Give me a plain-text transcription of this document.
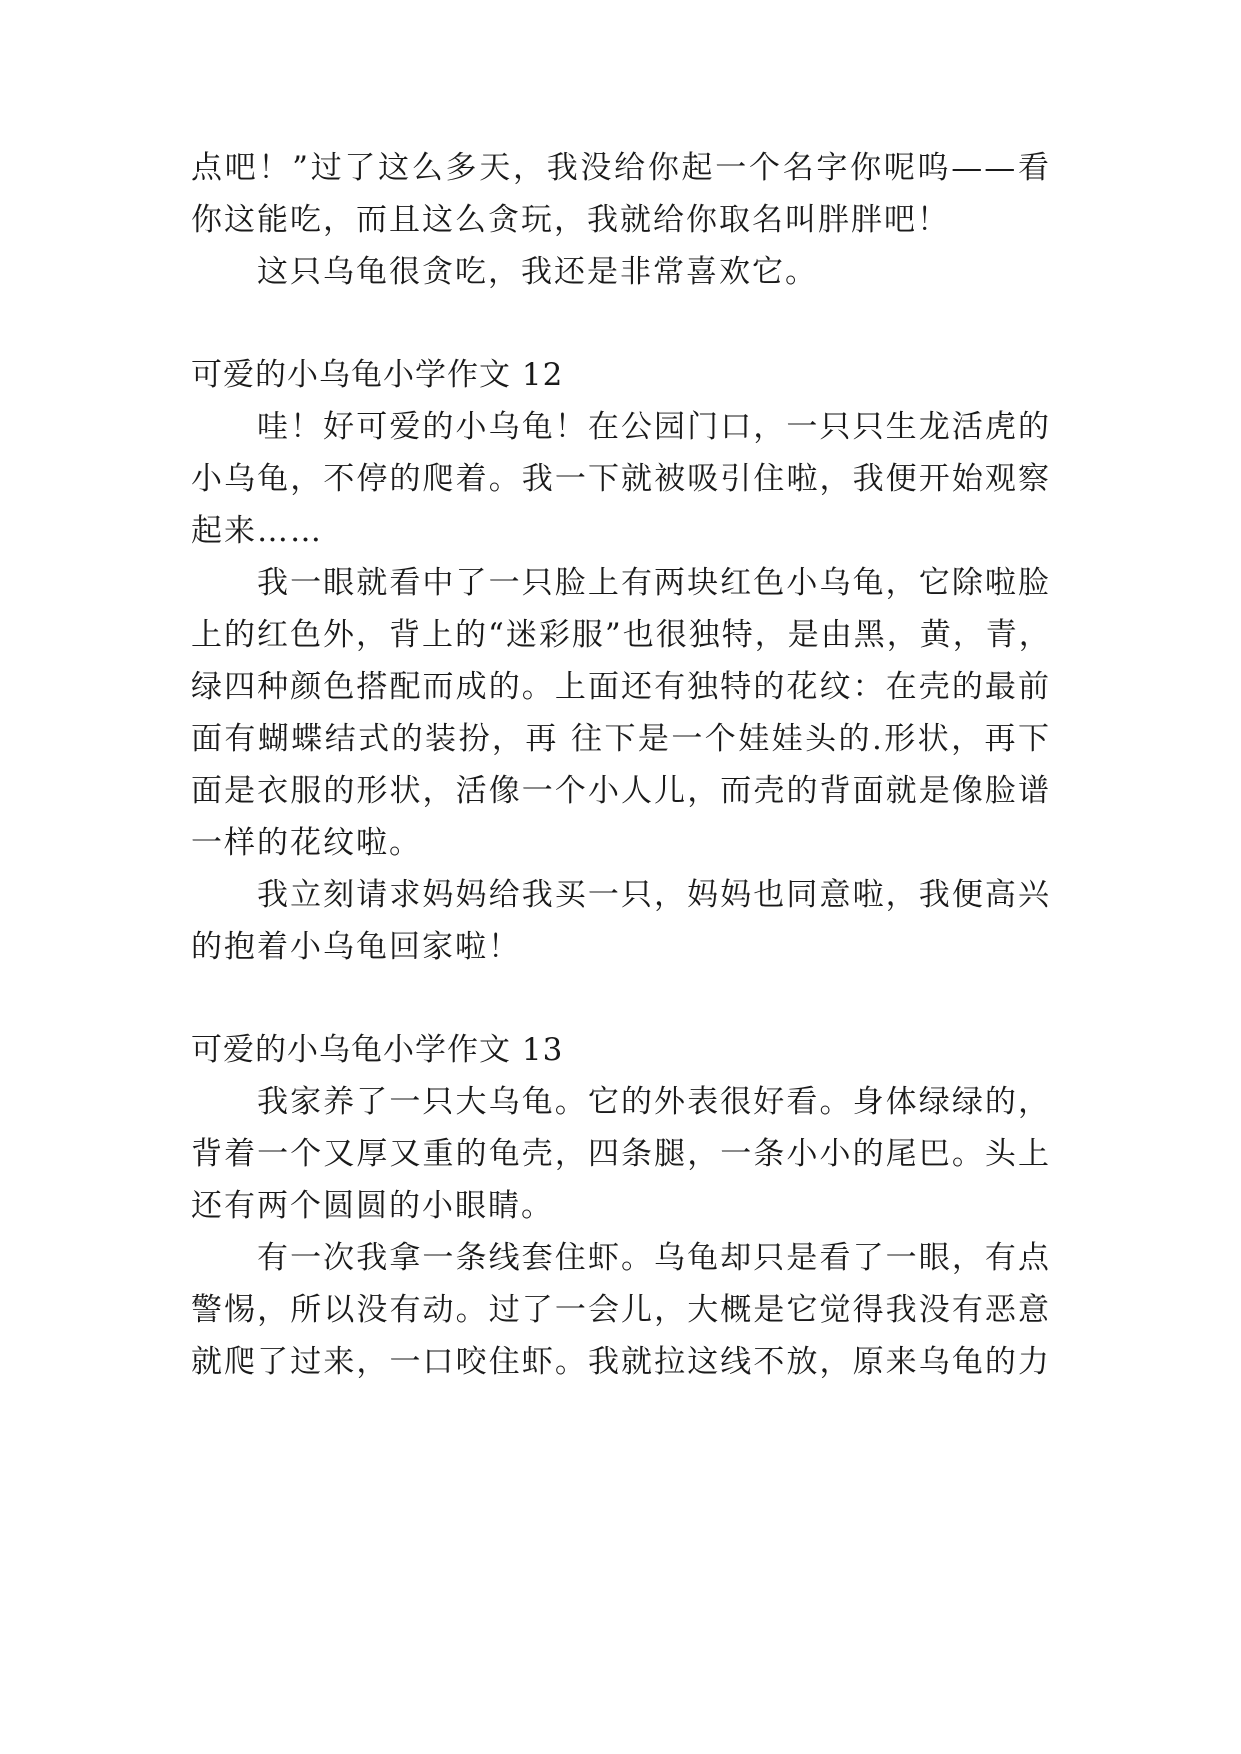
点吧！”过了这么多天，我没给你起一个名字你呢呜——看
你这能吃，而且这么贪玩，我就给你取名叫胖胖吧！
这只乌龟很贪吃，我还是非常喜欢它。
可爱的小乌龟小学作文 12
哇！好可爱的小乌龟！在公园门口，一只只生龙活虎的
小乌龟，不停的爬着。我一下就被吸引住啦，我便开始观察
起来……
我一眼就看中了一只脸上有两块红色小乌龟，它除啦脸
上的红色外，背上的“迷彩服”也很独特，是由黑，黄，青，
绿四种颜色搭配而成的。上面还有独特的花纹：在壳的最前
面有蝴蝶结式的装扮，再 往下是一个娃娃头的.形状，再下
面是衣服的形状，活像一个小人儿，而壳的背面就是像脸谱
一样的花纹啦。
我立刻请求妈妈给我买一只，妈妈也同意啦，我便高兴
的抱着小乌龟回家啦！
可爱的小乌龟小学作文 13
我家养了一只大乌龟。它的外表很好看。身体绿绿的，
背着一个又厚又重的龟壳，四条腿，一条小小的尾巴。头上
还有两个圆圆的小眼睛。
有一次我拿一条线套住虾。乌龟却只是看了一眼，有点
警惕，所以没有动。过了一会儿，大概是它觉得我没有恶意
就爬了过来，一口咬住虾。我就拉这线不放，原来乌龟的力
